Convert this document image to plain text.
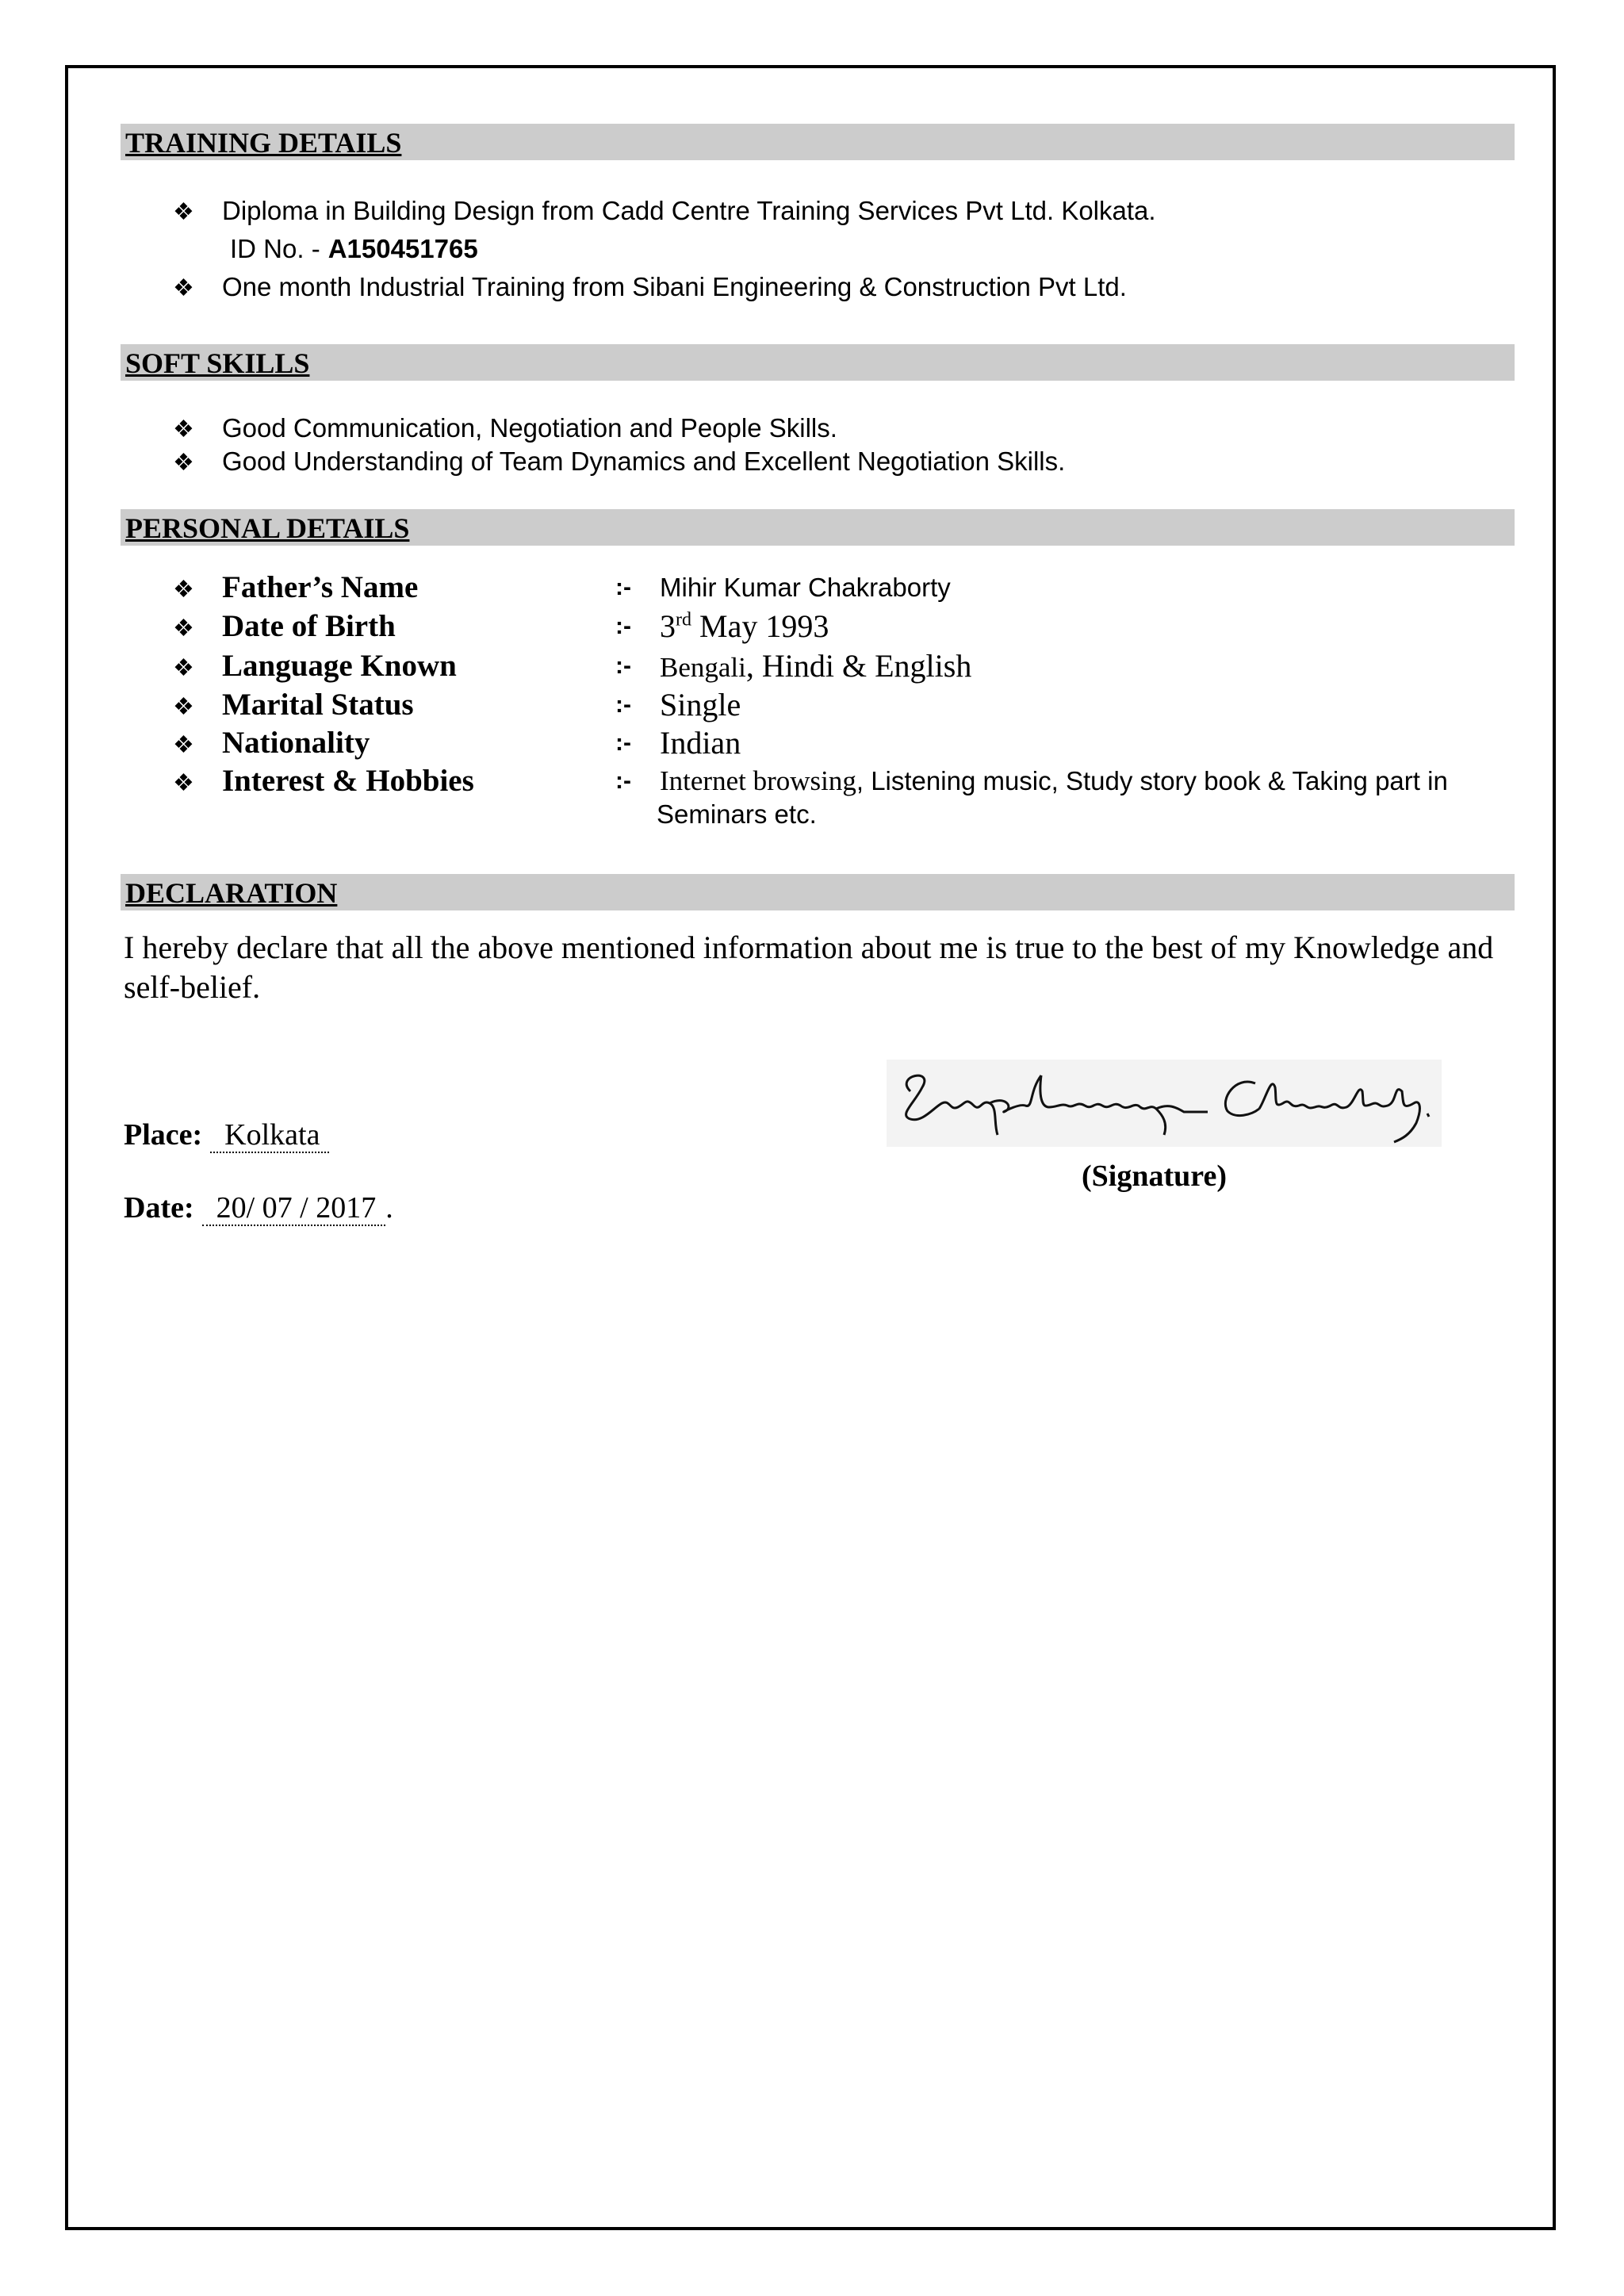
TRAINING DETAILS
❖ Diploma in Building Design from Cadd Centre Training Services Pvt Ltd. Kolkata.
ID No. - A150451765
❖ One month Industrial Training from Sibani Engineering & Construction Pvt Ltd.
SOFT SKILLS
❖ Good Communication, Negotiation and People Skills.
❖ Good Understanding of Team Dynamics and Excellent Negotiation Skills.
PERSONAL DETAILS
❖ Father’s Name	:- Mihir Kumar Chakraborty
❖ Date of Birth	:- 3rd May 1993
❖ Language Known	:- Bengali, Hindi & English
❖ Marital Status	:- Single
❖ Nationality	:- Indian
❖ Interest & Hobbies	:- Internet browsing, Listening music, Study story book & Taking part in
Seminars etc.
DECLARATION
I hereby declare that all the above mentioned information about me is true to the best of my Knowledge and self-belief.
Place: Kolkata
Date: 20/ 07 / 2017 .
(Signature)
